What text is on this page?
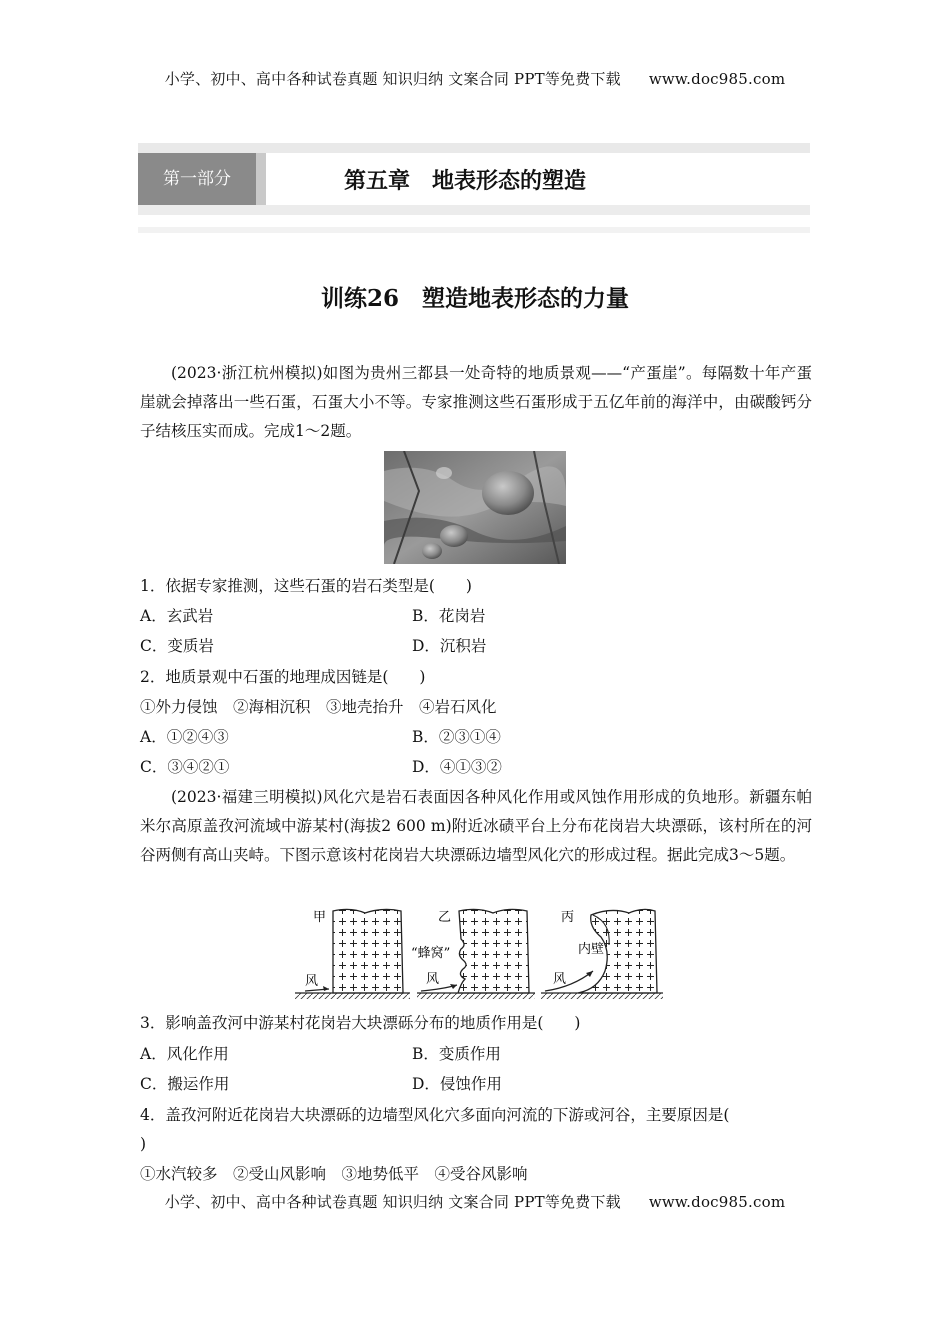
小学、初中、高中各种试卷真题 知识归纳 文案合同 PPT等免费下载 www.doc985.com
第一部分	第五章　地表形态的塑造
训练26　塑造地表形态的力量
(2023·浙江杭州模拟)如图为贵州三都县一处奇特的地质景观——“产蛋崖”。每隔数十年产蛋崖就会掉落出一些石蛋，石蛋大小不等。专家推测这些石蛋形成于五亿年前的海洋中，由碳酸钙分子结核压实而成。完成1～2题。
1．依据专家推测，这些石蛋的岩石类型是(　　)
A．玄武岩	B．花岗岩
C．变质岩	D．沉积岩
2．地质景观中石蛋的地理成因链是(　　)
①外力侵蚀　②海相沉积　③地壳抬升　④岩石风化
A．①②④③	B．②③①④
C．③④②①	D．④①③②
(2023·福建三明模拟)风化穴是岩石表面因各种风化作用或风蚀作用形成的负地形。新疆东帕米尔高原盖孜河流域中游某村(海拔2 600 m)附近冰碛平台上分布花岗岩大块漂砾，该村所在的河谷两侧有高山夹峙。下图示意该村花岗岩大块漂砾边墙型风化穴的形成过程。据此完成3～5题。
甲
风
乙
“蜂窝”
风
丙
内壁
风
3．影响盖孜河中游某村花岗岩大块漂砾分布的地质作用是(　　)
A．风化作用	B．变质作用
C．搬运作用	D．侵蚀作用
4．盖孜河附近花岗岩大块漂砾的边墙型风化穴多面向河流的下游或河谷，主要原因是(
)
①水汽较多　②受山风影响　③地势低平　④受谷风影响
小学、初中、高中各种试卷真题 知识归纳 文案合同 PPT等免费下载 www.doc985.com
